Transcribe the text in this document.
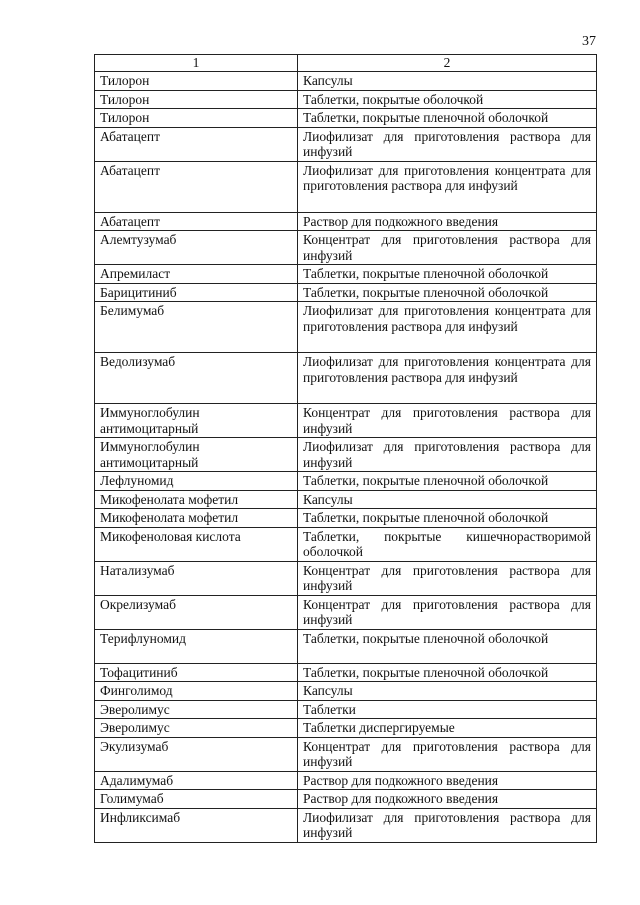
37
1	2
Тилорон	Капсулы
Тилорон	Таблетки, покрытые оболочкой
Тилорон	Таблетки, покрытые пленочной оболочкой
Абатацепт	Лиофилизат для приготовления раствора для инфузий
Абатацепт	Лиофилизат для приготовления концентрата для приготовления раствора для инфузий
Абатацепт	Раствор для подкожного введения
Алемтузумаб	Концентрат для приготовления раствора для инфузий
Апремиласт	Таблетки, покрытые пленочной оболочкой
Барицитиниб	Таблетки, покрытые пленочной оболочкой
Белимумаб	Лиофилизат для приготовления концентрата для приготовления раствора для инфузий
Ведолизумаб	Лиофилизат для приготовления концентрата для приготовления раствора для инфузий
Иммуноглобулин антимоцитарный	Концентрат для приготовления раствора для инфузий
Иммуноглобулин антимоцитарный	Лиофилизат для приготовления раствора для инфузий
Лефлуномид	Таблетки, покрытые пленочной оболочкой
Микофенолата мофетил	Капсулы
Микофенолата мофетил	Таблетки, покрытые пленочной оболочкой
Микофеноловая кислота	Таблетки, покрытые кишечнорастворимой оболочкой
Натализумаб	Концентрат для приготовления раствора для инфузий
Окрелизумаб	Концентрат для приготовления раствора для инфузий
Терифлуномид	Таблетки, покрытые пленочной оболочкой
Тофацитиниб	Таблетки, покрытые пленочной оболочкой
Финголимод	Капсулы
Эверолимус	Таблетки
Эверолимус	Таблетки диспергируемые
Экулизумаб	Концентрат для приготовления раствора для инфузий
Адалимумаб	Раствор для подкожного введения
Голимумаб	Раствор для подкожного введения
Инфликсимаб	Лиофилизат для приготовления раствора для инфузий
